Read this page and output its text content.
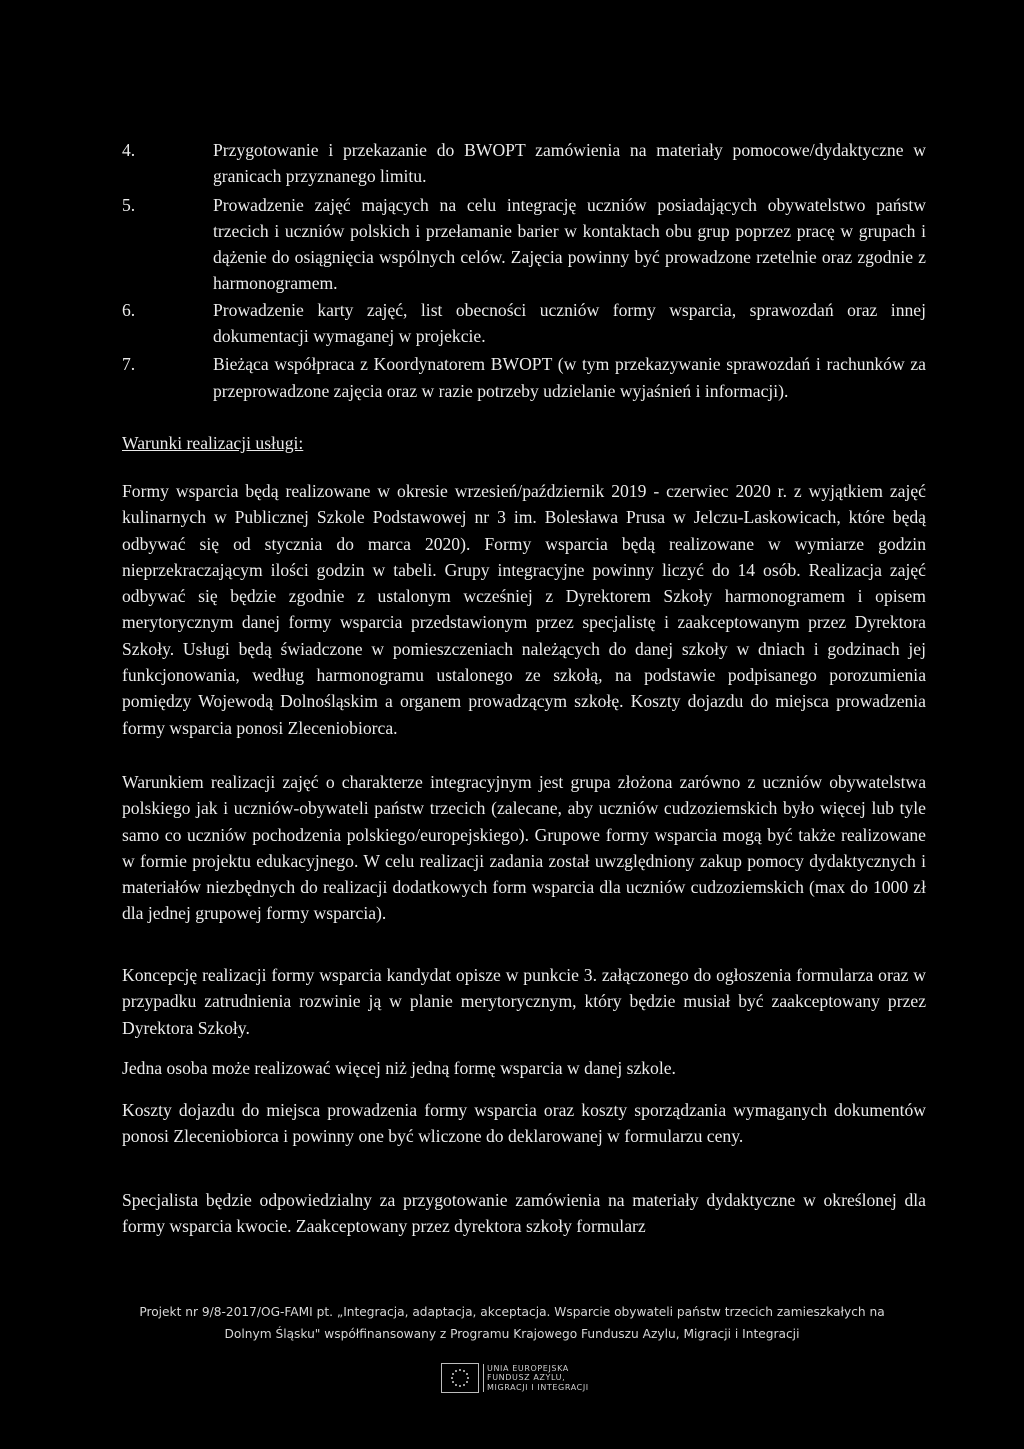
4.	Przygotowanie i przekazanie do BWOPT zamówienia na materiały pomocowe/dydaktyczne w granicach przyznanego limitu.
5.	Prowadzenie zajęć mających na celu integrację uczniów posiadających obywatelstwo państw trzecich i uczniów polskich i przełamanie barier w kontaktach obu grup poprzez pracę w grupach i dążenie do osiągnięcia wspólnych celów. Zajęcia powinny być prowadzone rzetelnie oraz zgodnie z harmonogramem.
6.	Prowadzenie karty zajęć, list obecności uczniów formy wsparcia, sprawozdań oraz innej dokumentacji wymaganej w projekcie.
7.	Bieżąca współpraca z Koordynatorem BWOPT (w tym przekazywanie sprawozdań i rachunków za przeprowadzone zajęcia oraz w razie potrzeby udzielanie wyjaśnień i informacji).
Warunki realizacji usługi:

Formy wsparcia będą realizowane w okresie wrzesień/październik 2019 - czerwiec 2020 r. z wyjątkiem zajęć kulinarnych w Publicznej Szkole Podstawowej nr 3 im. Bolesława Prusa w Jelczu-Laskowicach, które będą odbywać się od stycznia do marca 2020). Formy wsparcia będą realizowane w wymiarze godzin nieprzekraczającym ilości godzin w tabeli. Grupy integracyjne powinny liczyć do 14 osób. Realizacja zajęć odbywać się będzie zgodnie z ustalonym wcześniej z Dyrektorem Szkoły harmonogramem i opisem merytorycznym danej formy wsparcia przedstawionym przez specjalistę i zaakceptowanym przez Dyrektora Szkoły. Usługi będą świadczone w pomieszczeniach należących do danej szkoły w dniach i godzinach jej funkcjonowania, według harmonogramu ustalonego ze szkołą, na podstawie podpisanego porozumienia pomiędzy Wojewodą Dolnośląskim a organem prowadzącym szkołę. Koszty dojazdu do miejsca prowadzenia formy wsparcia ponosi Zleceniobiorca.

Warunkiem realizacji zajęć o charakterze integracyjnym jest grupa złożona zarówno z uczniów obywatelstwa polskiego jak i uczniów-obywateli państw trzecich (zalecane, aby uczniów cudzoziemskich było więcej lub tyle samo co uczniów pochodzenia polskiego/europejskiego). Grupowe formy wsparcia mogą być także realizowane w formie projektu edukacyjnego. W celu realizacji zadania został uwzględniony zakup pomocy dydaktycznych i materiałów niezbędnych do realizacji dodatkowych form wsparcia dla uczniów cudzoziemskich (max do 1000 zł dla jednej grupowej formy wsparcia).

Koncepcję realizacji formy wsparcia kandydat opisze w punkcie 3. załączonego do ogłoszenia formularza oraz w przypadku zatrudnienia rozwinie ją w planie merytorycznym, który będzie musiał być zaakceptowany przez Dyrektora Szkoły.

Jedna osoba może realizować więcej niż jedną formę wsparcia w danej szkole.

Koszty dojazdu do miejsca prowadzenia formy wsparcia oraz koszty sporządzania wymaganych dokumentów ponosi Zleceniobiorca i powinny one być wliczone do deklarowanej w formularzu ceny.

Specjalista będzie odpowiedzialny za przygotowanie zamówienia na materiały dydaktyczne w określonej dla formy wsparcia kwocie. Zaakceptowany przez dyrektora szkoły formularz

Projekt nr 9/8-2017/OG-FAMI pt. „Integracja, adaptacja, akceptacja. Wsparcie obywateli państw trzecich zamieszkałych na
Dolnym Śląsku" współfinansowany z Programu Krajowego Funduszu Azylu, Migracji i Integracji
UNIA EUROPEJSKA
FUNDUSZ AZYLU,
MIGRACJI I INTEGRACJI
